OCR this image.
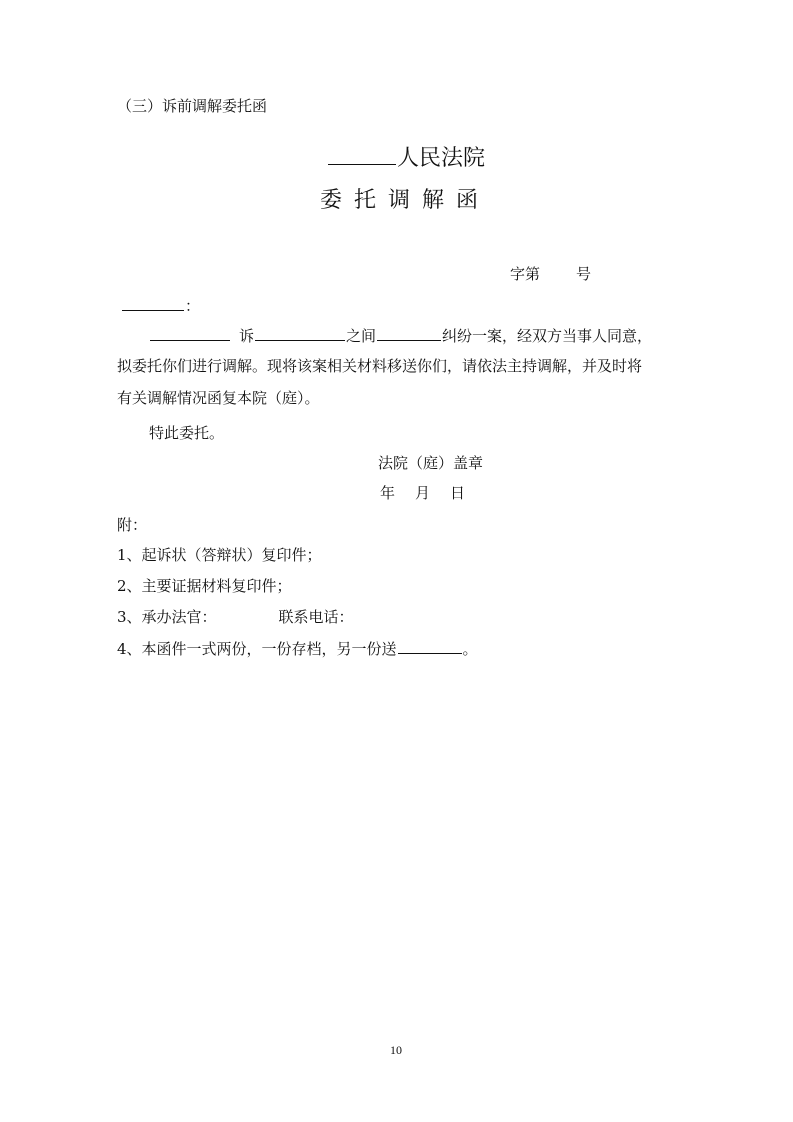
（三）诉前调解委托函
人民法院
委托调解函
字第 号
：
诉	之间	纠纷一案，经双方当事人同意，
拟委托你们进行调解。现将该案相关材料移送你们，请依法主持调解，并及时将
有关调解情况函复本院（庭）。
特此委托。
法院（庭）盖章
年 月 日
附：
1、起诉状（答辩状）复印件；
2、主要证据材料复印件；
3、承办法官：	联系电话：
4、本函件一式两份，一份存档，另一份送	。
10
